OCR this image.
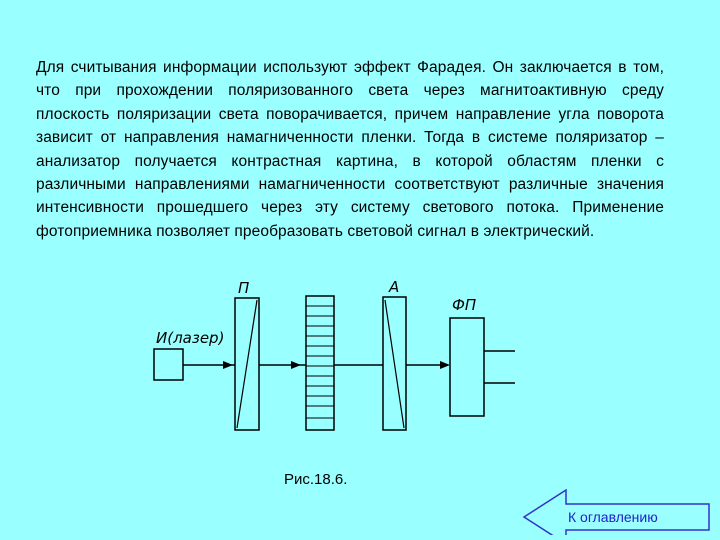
Для считывания информации используют эффект Фарадея. Он заключается в том, что при прохождении поляризованного света через магнитоактивную среду плоскость поляризации света поворачивается, причем направление угла поворота зависит от направления намагниченности пленки. Тогда в системе поляризатор – анализатор получается контрастная картина, в которой областям пленки с различными направлениями намагниченности соответствуют различные значения интенсивности прошедшего через эту систему светового потока. Применение фотоприемника позволяет преобразовать световой сигнал в электрический.
И(лазер)
П	А
ФП
Рис.18.6.
К оглавлению
